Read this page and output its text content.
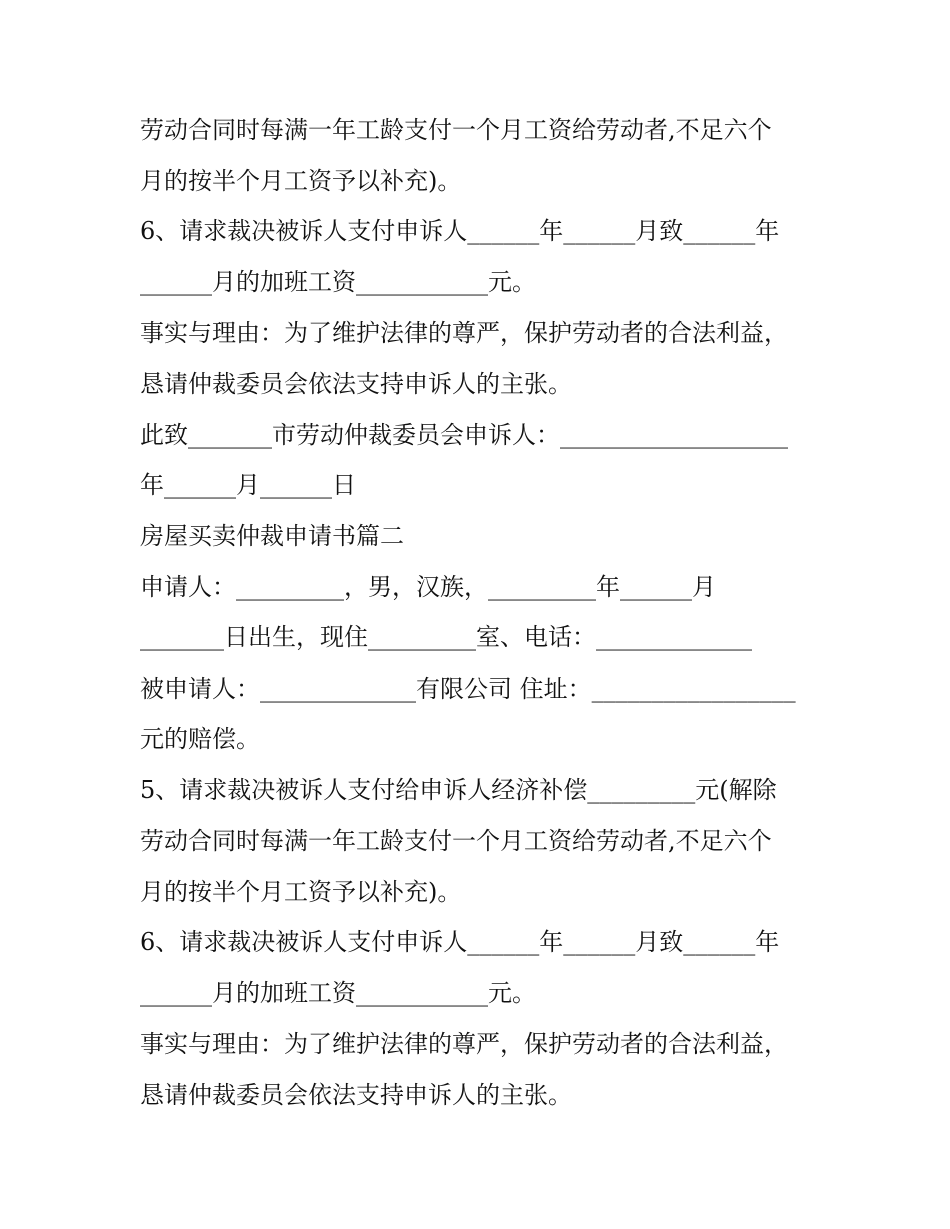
劳动合同时每满一年工龄支付一个月工资给劳动者,不足六个
月的按半个月工资予以补充)。
6、请求裁决被诉人支付申诉人______年______月致______年
______月的加班工资___________元。
事实与理由：为了维护法律的尊严，保护劳动者的合法利益，
恳请仲裁委员会依法支持申诉人的主张。
此致_______市劳动仲裁委员会申诉人：___________________
年______月______日
房屋买卖仲裁申请书篇二
申请人：_________，男，汉族，_________年______月
_______日出生，现住_________室、电话：_____________
被申请人：_____________有限公司 住址：_________________
元的赔偿。
5、请求裁决被诉人支付给申诉人经济补偿_________元(解除
劳动合同时每满一年工龄支付一个月工资给劳动者,不足六个
月的按半个月工资予以补充)。
6、请求裁决被诉人支付申诉人______年______月致______年
______月的加班工资___________元。
事实与理由：为了维护法律的尊严，保护劳动者的合法利益，
恳请仲裁委员会依法支持申诉人的主张。
